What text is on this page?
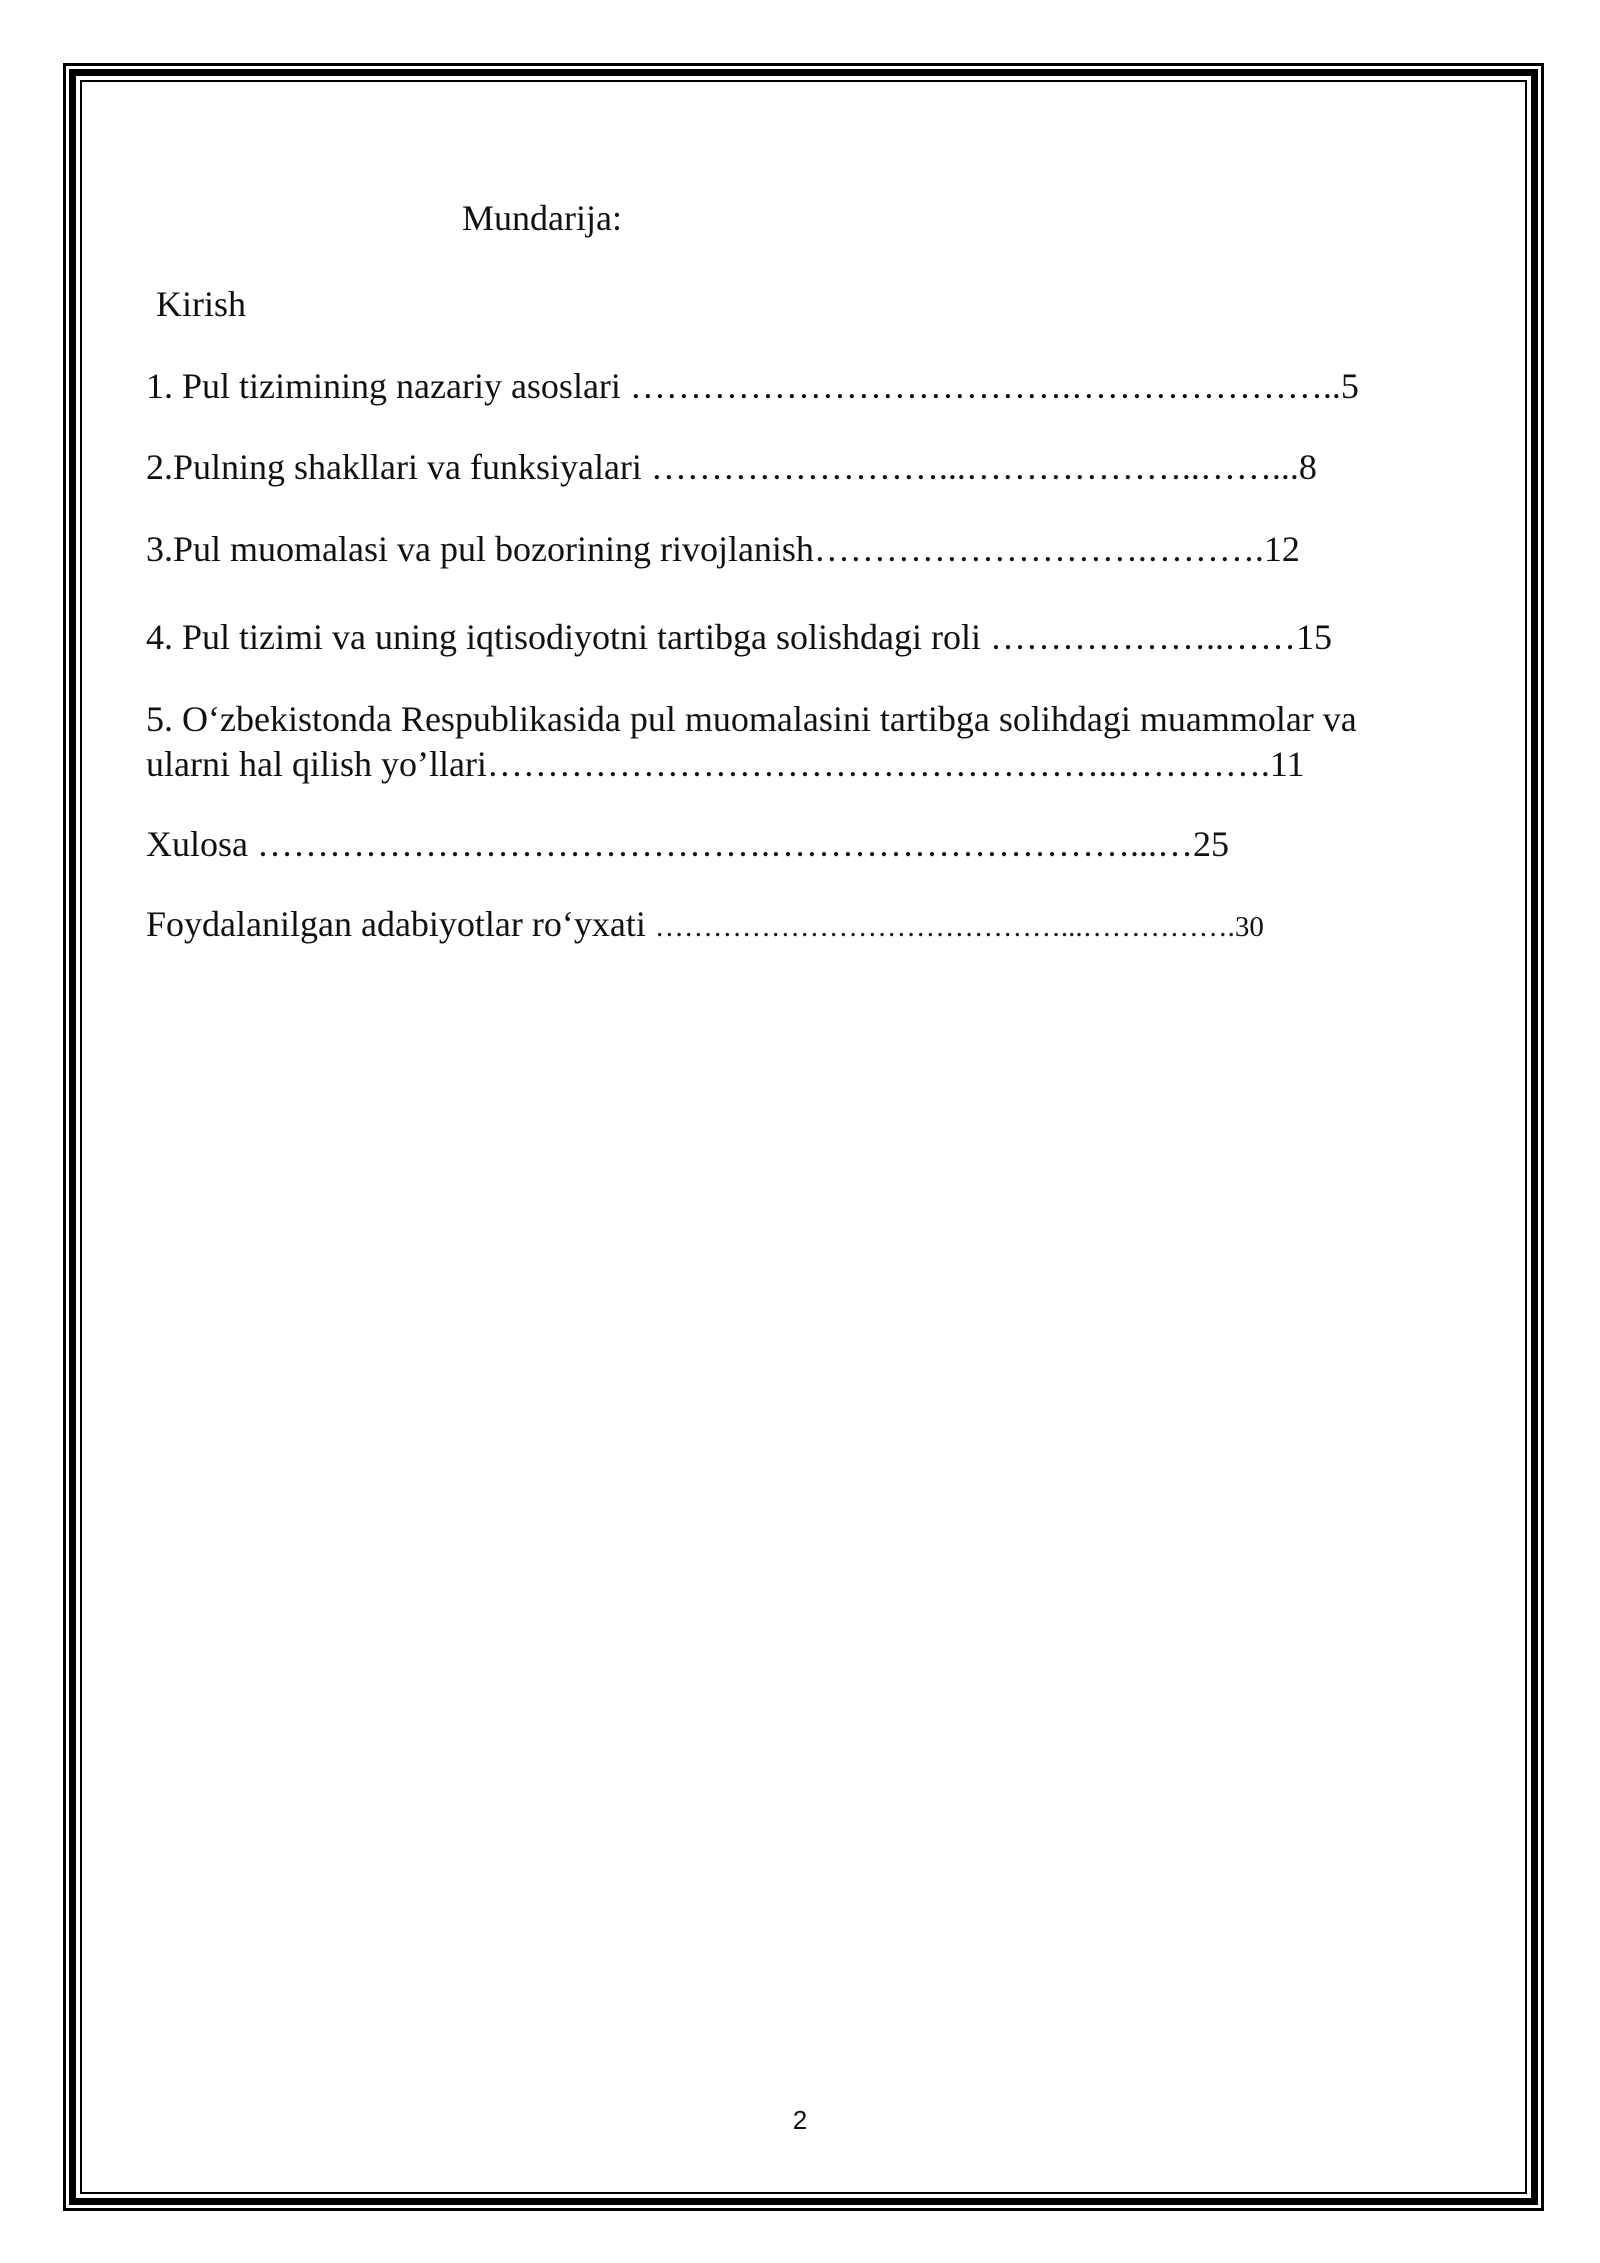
Mundarija:
Kirish
1. Pul tizimining nazariy asoslari ……………………………….…………………..5
2.Pulning shakllari va funksiyalari ……………………...………………..……...8
3.Pul muomalasi va pul bozorining rivojlanish……………………….……….12
4. Pul tizimi va uning iqtisodiyotni tartibga solishdagi roli ………………..……15
5. O‘zbekistonda Respublikasida pul muomalasini tartibga solihdagi muammolar va
ularni hal qilish yo’llari……………………………………………..………….11
Xulosa …………………………………….…………………………...…25
Foydalanilgan adabiyotlar ro‘yxati ……………………………………...…………….30
2
